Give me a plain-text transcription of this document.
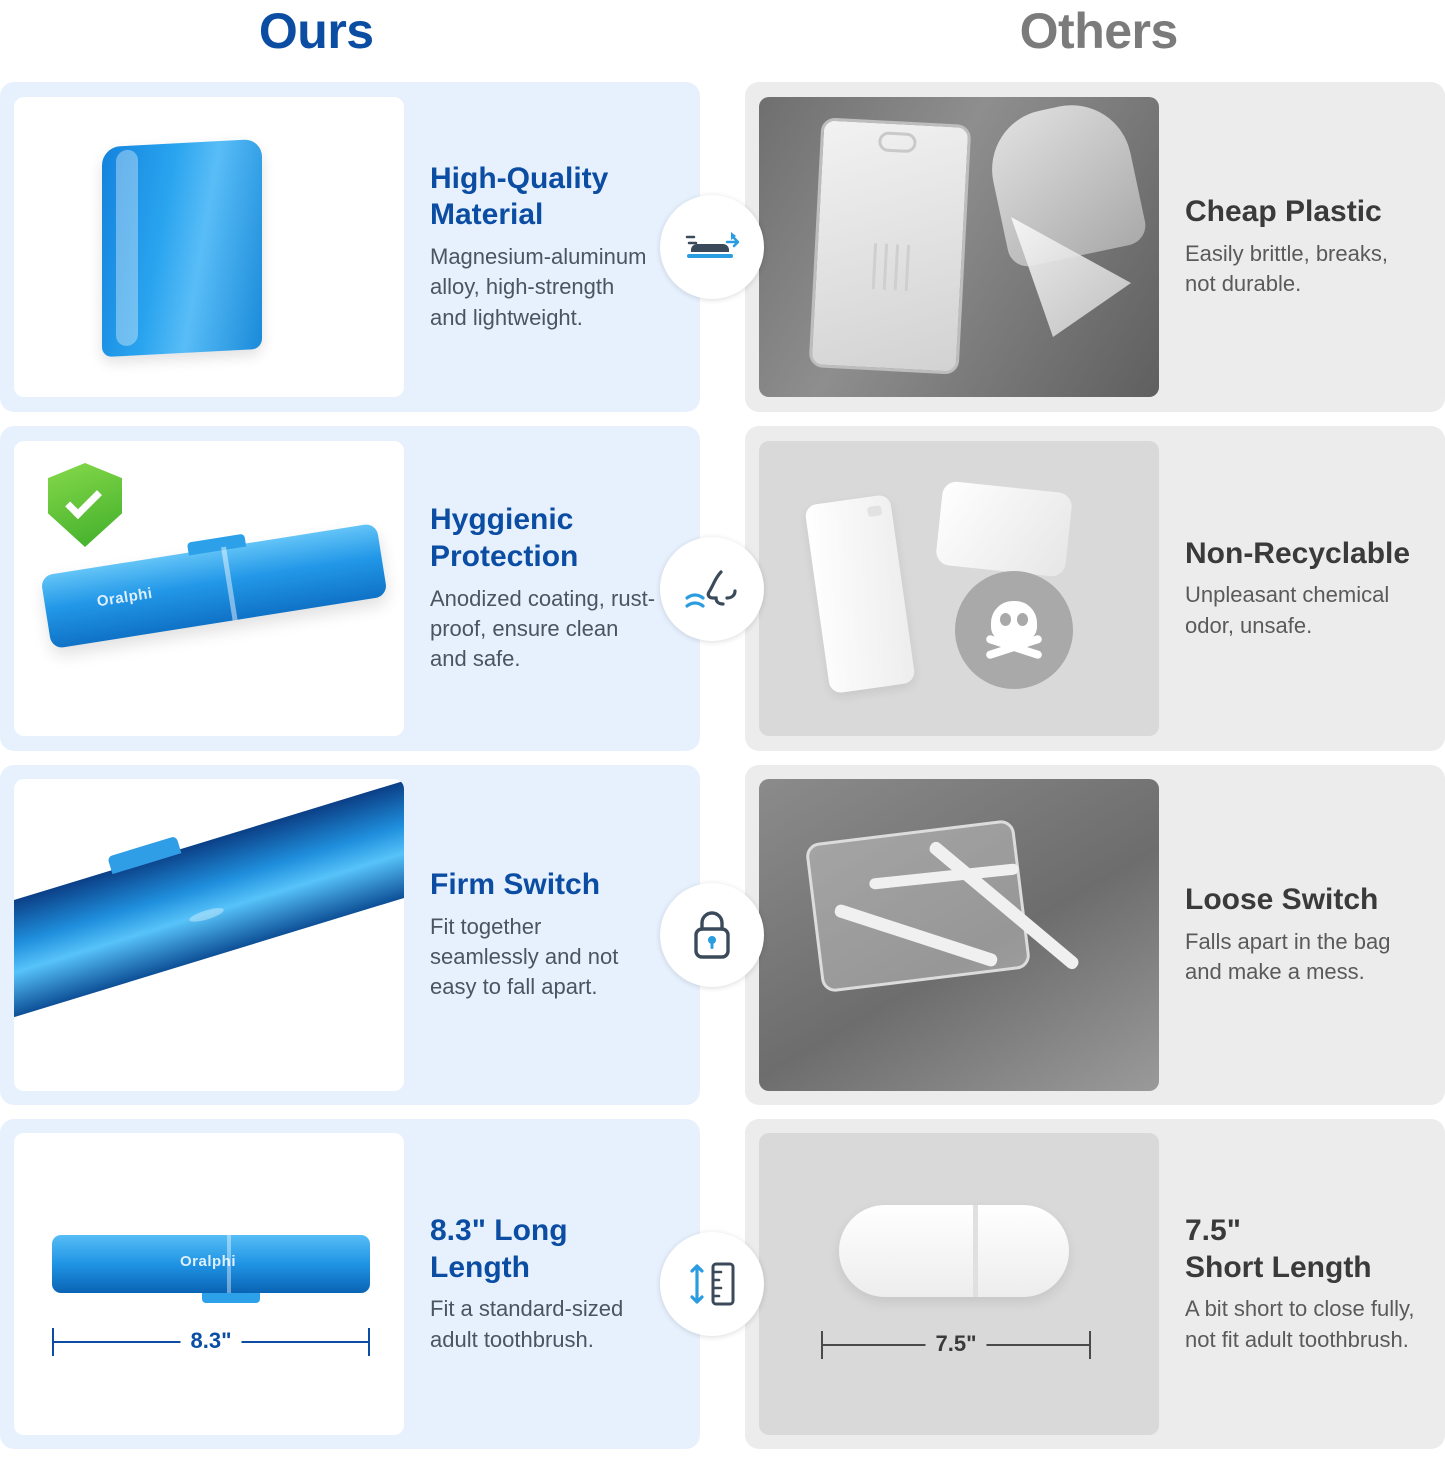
Ours	Others
High-Quality Material

Magnesium-aluminum alloy, high-strength and lightweight.

Cheap Plastic

Easily brittle, breaks, not durable.

Oralphi
Hyggienic Protection

Anodized coating, rust-proof, ensure clean and safe.

Non-Recyclable

Unpleasant chemical odor, unsafe.

Firm Switch

Fit together seamlessly and not easy to fall apart.

Loose Switch

Falls apart in the bag and make a mess.

Oralphi
8.3"
8.3" Long Length

Fit a standard-sized adult toothbrush.	7.5"
7.5"
Short Length

A bit short to close fully, not fit adult toothbrush.
